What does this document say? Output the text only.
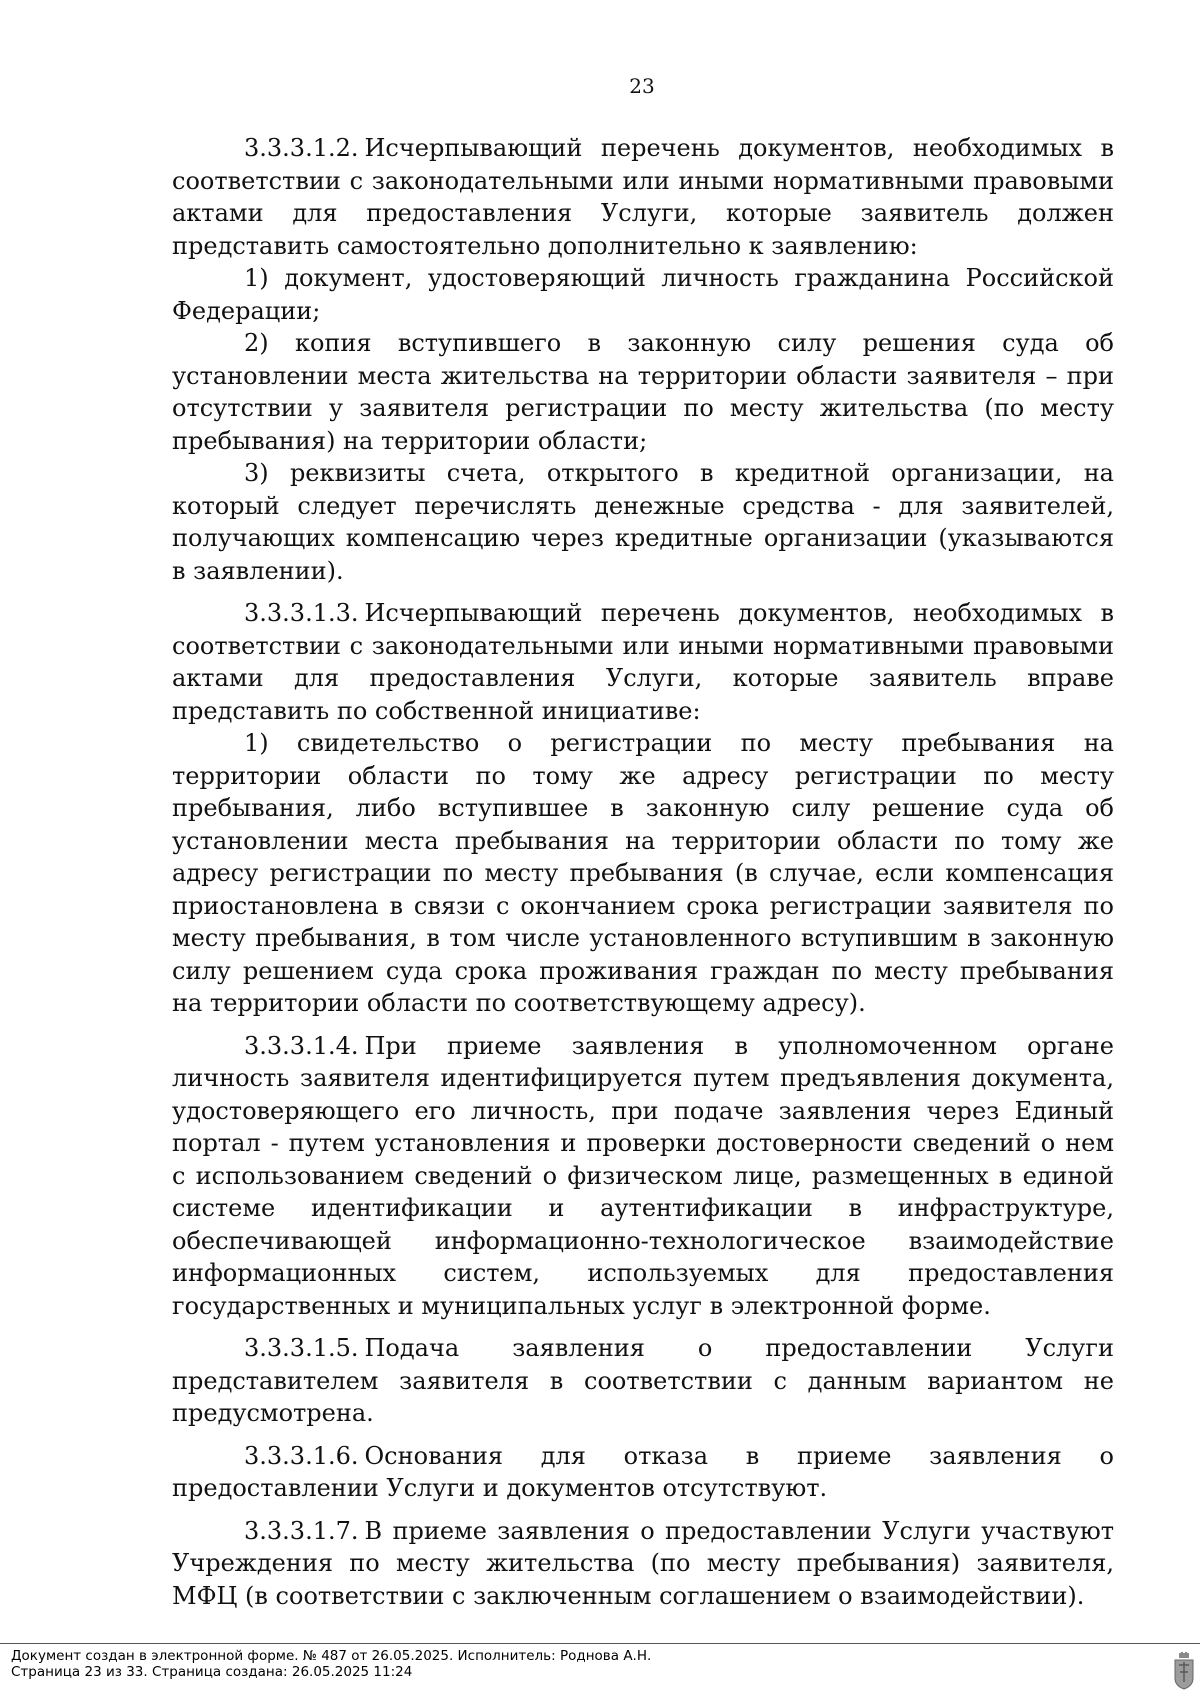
23

3.3.3.1.2. Исчерпывающий перечень документов, необходимых в соответствии с законодательными или иными нормативными правовыми актами для предоставления Услуги, которые заявитель должен представить самостоятельно дополнительно к заявлению:

1) документ, удостоверяющий личность гражданина Российской Федерации;

2) копия вступившего в законную силу решения суда об установлении места жительства на территории области заявителя – при отсутствии у заявителя регистрации по месту жительства (по месту пребывания) на территории области;

3) реквизиты счета, открытого в кредитной организации, на который следует перечислять денежные средства - для заявителей, получающих компенсацию через кредитные организации (указываются в заявлении).

3.3.3.1.3. Исчерпывающий перечень документов, необходимых в соответствии с законодательными или иными нормативными правовыми актами для предоставления Услуги, которые заявитель вправе представить по собственной инициативе:

1) свидетельство о регистрации по месту пребывания на территории области по тому же адресу регистрации по месту пребывания, либо вступившее в законную силу решение суда об установлении места пребывания на территории области по тому же адресу регистрации по месту пребывания (в случае, если компенсация приостановлена в связи с окончанием срока регистрации заявителя по месту пребывания, в том числе установленного вступившим в законную силу решением суда срока проживания граждан по месту пребывания на территории области по соответствующему адресу).

3.3.3.1.4. При приеме заявления в уполномоченном органе личность заявителя идентифицируется путем предъявления документа, удостоверяющего его личность, при подаче заявления через Единый портал - путем установления и проверки достоверности сведений о нем с использованием сведений о физическом лице, размещенных в единой системе идентификации и аутентификации в инфраструктуре, обеспечивающей информационно-технологическое взаимодействие информационных систем, используемых для предоставления государственных и муниципальных услуг в электронной форме.

3.3.3.1.5. Подача заявления о предоставлении Услуги представителем заявителя в соответствии с данным вариантом не предусмотрена.

3.3.3.1.6. Основания для отказа в приеме заявления о предоставлении Услуги и документов отсутствуют.

3.3.3.1.7. В приеме заявления о предоставлении Услуги участвуют Учреждения по месту жительства (по месту пребывания) заявителя, МФЦ (в соответствии с заключенным соглашением о взаимодействии).

Документ создан в электронной форме. № 487 от 26.05.2025. Исполнитель: Роднова А.Н.
Страница 23 из 33. Страница создана: 26.05.2025 11:24
